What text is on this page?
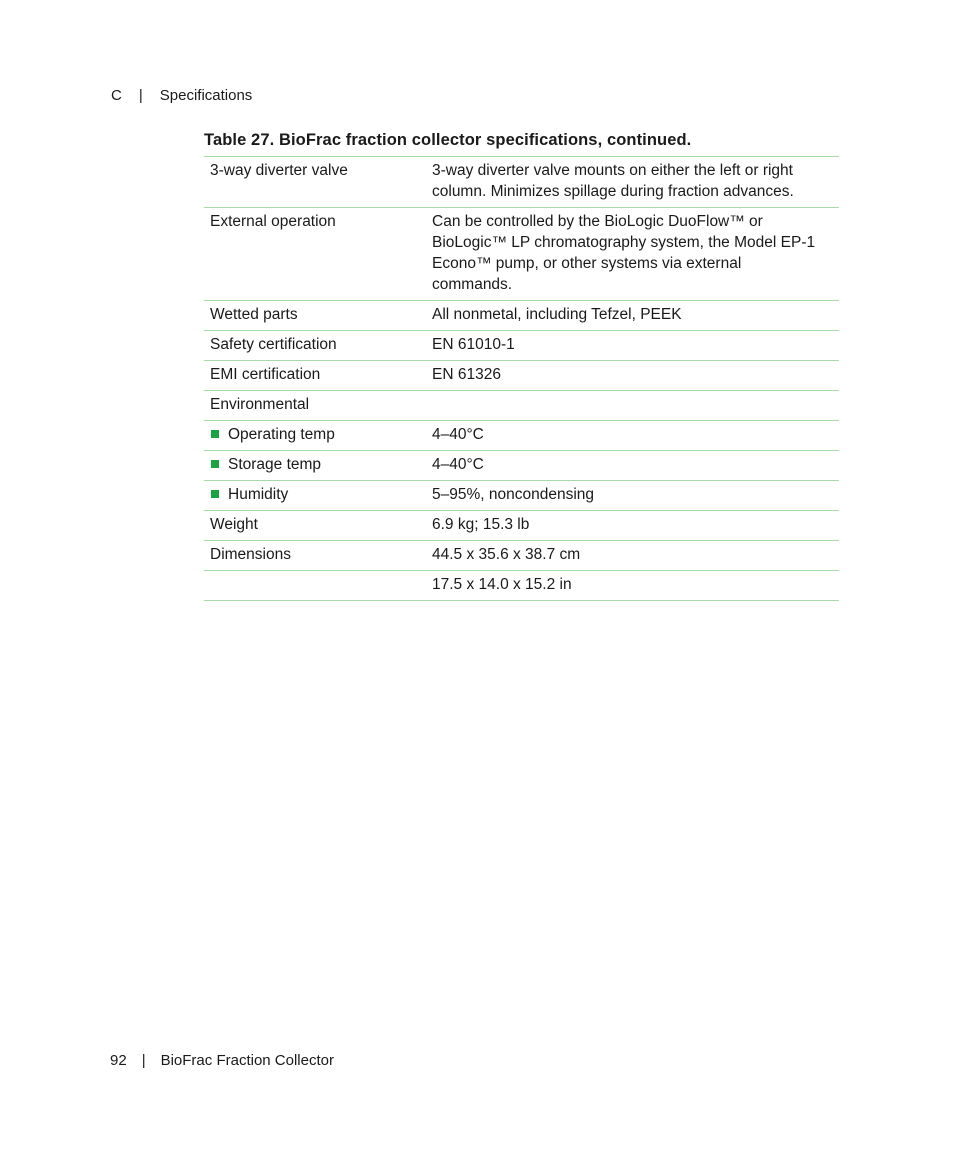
C | Specifications
Table 27. BioFrac fraction collector specifications, continued.
3-way diverter valve	3-way diverter valve mounts on either the left or right column. Minimizes spillage during fraction advances.
External operation	Can be controlled by the BioLogic DuoFlow™ or BioLogic™ LP chromatography system, the Model EP-1 Econo™ pump, or other systems via external commands.
Wetted parts	All nonmetal, including Tefzel, PEEK
Safety certification	EN 61010-1
EMI certification	EN 61326
Environmental	
Operating temp	4–40°C
Storage temp	4–40°C
Humidity	5–95%, noncondensing
Weight	6.9 kg; 15.3 lb
Dimensions	44.5 x 35.6 x 38.7 cm
	17.5 x 14.0 x 15.2 in
92 | BioFrac Fraction Collector
